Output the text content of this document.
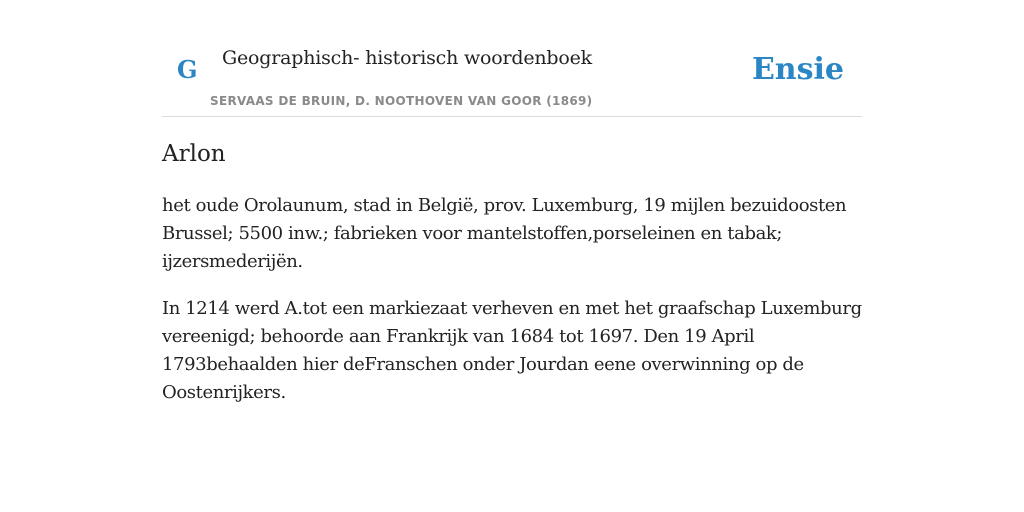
G Geographisch- historisch woordenboek
SERVAAS DE BRUIN, D. NOOTHOVEN VAN GOOR (1869)
Ensie
Arlon

het oude Orolaunum, stad in België, prov. Luxemburg, 19 mijlen bezuidoosten Brussel; 5500 inw.; fabrieken voor mantelstoffen,porseleinen en tabak; ijzersmederijën.

In 1214 werd A.tot een markiezaat verheven en met het graafschap Luxemburg vereenigd; behoorde aan Frankrijk van 1684 tot 1697. Den 19 April 1793behaalden hier deFranschen onder Jourdan eene overwinning op de Oostenrijkers.
